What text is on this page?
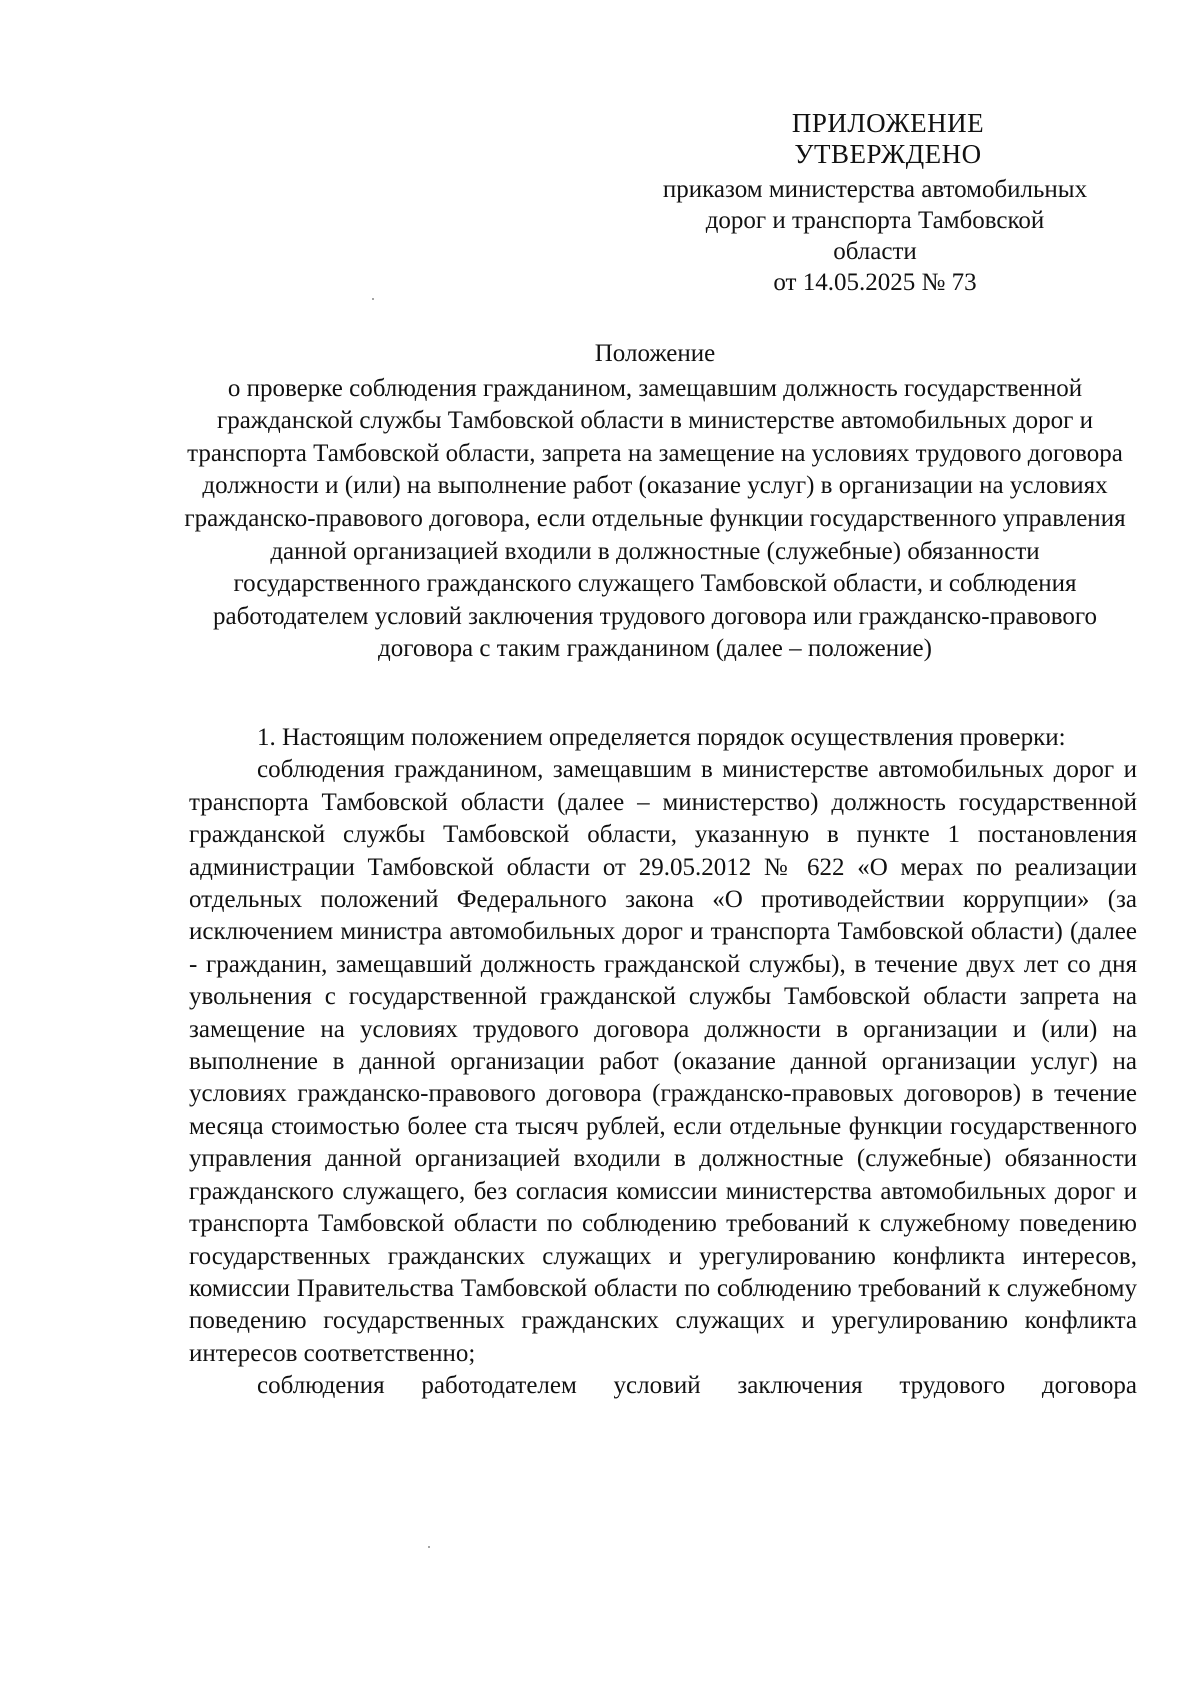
ПРИЛОЖЕНИЕ
УТВЕРЖДЕНО
приказом министерства автомобильных
дорог и транспорта Тамбовской
области
от 14.05.2025 № 73
Положение
о проверке соблюдения гражданином, замещавшим должность государственной гражданской службы Тамбовской области в министерстве автомобильных дорог и транспорта Тамбовской области, запрета на замещение на условиях трудового договора должности и (или) на выполнение работ (оказание услуг) в организации на условиях гражданско-правового договора, если отдельные функции государственного управления данной организацией входили в должностные (служебные) обязанности государственного гражданского служащего Тамбовской области, и соблюдения работодателем условий заключения трудового договора или гражданско-правового договора с таким гражданином (далее – положение)

1. Настоящим положением определяется порядок осуществления проверки:

соблюдения гражданином, замещавшим в министерстве автомобильных дорог и транспорта Тамбовской области (далее – министерство) должность государственной гражданской службы Тамбовской области, указанную в пункте 1 постановления администрации Тамбовской области от 29.05.2012 № 622 «О мерах по реализации отдельных положений Федерального закона «О противодействии коррупции» (за исключением министра автомобильных дорог и транспорта Тамбовской области) (далее - гражданин, замещавший должность гражданской службы), в течение двух лет со дня увольнения с государственной гражданской службы Тамбовской области запрета на замещение на условиях трудового договора должности в организации и (или) на выполнение в данной организации работ (оказание данной организации услуг) на условиях гражданско-правового договора (гражданско-правовых договоров) в течение месяца стоимостью более ста тысяч рублей, если отдельные функции государственного управления данной организацией входили в должностные (служебные) обязанности гражданского служащего, без согласия комиссии министерства автомобильных дорог и транспорта Тамбовской области по соблюдению требований к служебному поведению государственных гражданских служащих и урегулированию конфликта интересов, комиссии Правительства Тамбовской области по соблюдению требований к служебному поведению государственных гражданских служащих и урегулированию конфликта интересов соответственно;

соблюдения работодателем условий заключения трудового договора
